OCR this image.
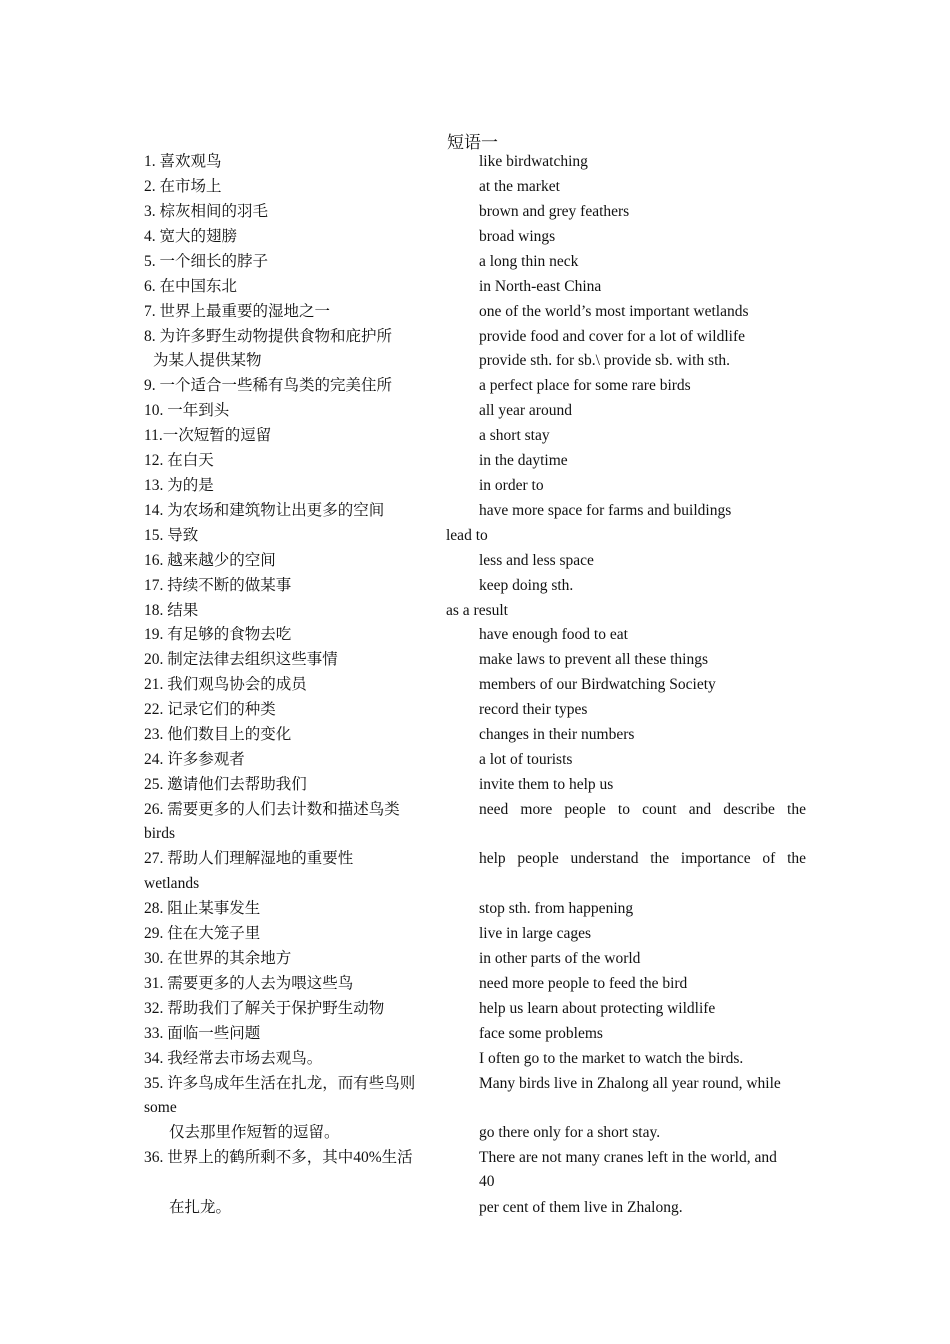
短语一
1. 喜欢观鸟	like birdwatching
2. 在市场上	at the market
3. 棕灰相间的羽毛	brown and grey feathers
4. 宽大的翅膀	broad wings
5. 一个细长的脖子	a long thin neck
6. 在中国东北	in North-east China
7. 世界上最重要的湿地之一	one of the world’s most important wetlands
8. 为许多野生动物提供食物和庇护所	provide food and cover for a lot of wildlife
为某人提供某物	provide sth. for sb.\ provide sb. with sth.
9. 一个适合一些稀有鸟类的完美住所	a perfect place for some rare birds
10. 一年到头	all year around
11.一次短暂的逗留	a short stay
12. 在白天	in the daytime
13. 为的是	in order to
14. 为农场和建筑物让出更多的空间	have more space for farms and buildings
15. 导致	lead to
16. 越来越少的空间	less and less space
17. 持续不断的做某事	keep doing sth.
18. 结果	as a result
19. 有足够的食物去吃	have enough food to eat
20. 制定法律去组织这些事情	make laws to prevent all these things
21. 我们观鸟协会的成员	members of our Birdwatching Society
22. 记录它们的种类	record their types
23. 他们数目上的变化	changes in their numbers
24. 许多参观者	a lot of tourists
25. 邀请他们去帮助我们	invite them to help us
26. 需要更多的人们去计数和描述鸟类	need more people to count and describe the
birds
27. 帮助人们理解湿地的重要性	help people understand the importance of the
wetlands
28. 阻止某事发生	stop sth. from happening
29. 住在大笼子里	live in large cages
30. 在世界的其余地方	in other parts of the world
31. 需要更多的人去为喂这些鸟	need more people to feed the bird
32. 帮助我们了解关于保护野生动物	help us learn about protecting wildlife
33. 面临一些问题	face some problems
34. 我经常去市场去观鸟。	I often go to the market to watch the birds.
35. 许多鸟成年生活在扎龙，而有些鸟则	Many birds live in Zhalong all year round, while
some
仅去那里作短暂的逗留。	go there only for a short stay.
36. 世界上的鹤所剩不多，其中40%生活	There are not many cranes left in the world, and
40
在扎龙。	per cent of them live in Zhalong.
